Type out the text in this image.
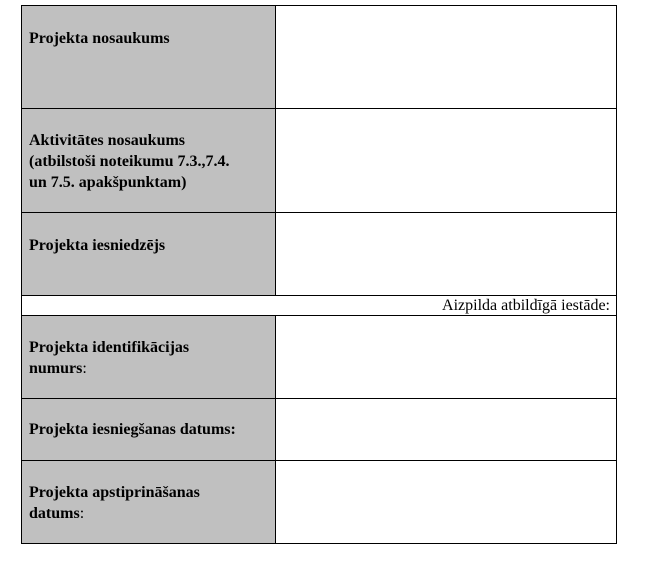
Projekta nosaukums	

Aktivitātes nosaukums
(atbilstoši noteikumu 7.3.,7.4.
un 7.5. apakšpunktam)	

Projekta iesniedzējs	

Aizpilda atbildīgā iestāde:	

Projekta identifikācijas
numurs:	

Projekta iesniegšanas datums:	

Projekta apstiprināšanas
datums:	
